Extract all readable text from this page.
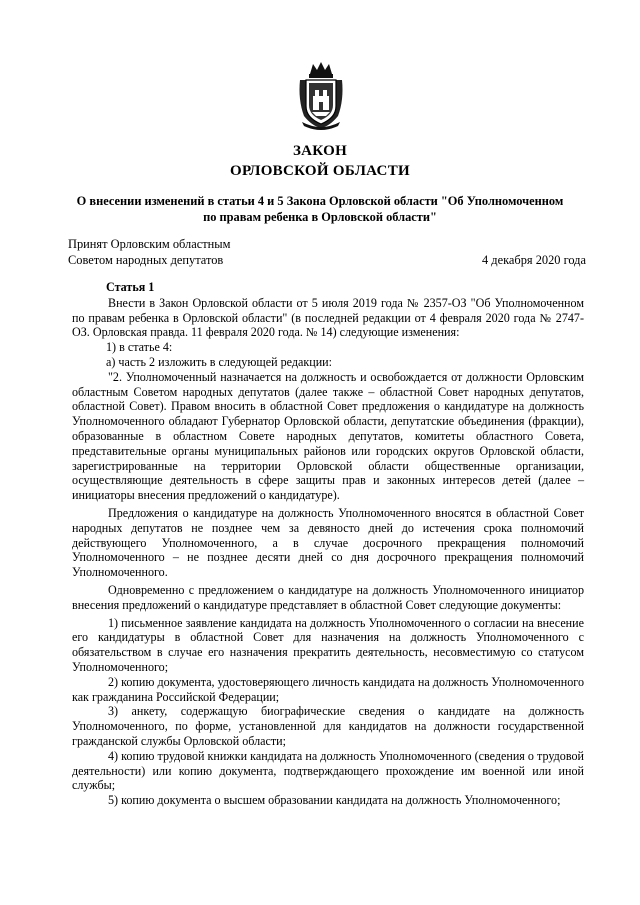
ЗАКОН
ОРЛОВСКОЙ ОБЛАСТИ
О внесении изменений в статьи 4 и 5 Закона Орловской области "Об Уполномоченном
по правам ребенка в Орловской области"
Принят Орловским областным
Советом народных депутатов	4 декабря 2020 года

Статья 1

Внести в Закон Орловской области от 5 июля 2019 года № 2357-ОЗ "Об Уполномоченном по правам ребенка в Орловской области" (в последней редакции от 4 февраля 2020 года № 2747-ОЗ. Орловская правда. 11 февраля 2020 года. № 14) следующие изменения:

1) в статье 4:

а) часть 2 изложить в следующей редакции:

"2. Уполномоченный назначается на должность и освобождается от должности Орловским областным Советом народных депутатов (далее также – областной Совет народных депутатов, областной Совет). Правом вносить в областной Совет предложения о кандидатуре на должность Уполномоченного обладают Губернатор Орловской области, депутатские объединения (фракции), образованные в областном Совете народных депутатов, комитеты областного Совета, представительные органы муниципальных районов или городских округов Орловской области, зарегистрированные на территории Орловской области общественные организации, осуществляющие деятельность в сфере защиты прав и законных интересов детей (далее – инициаторы внесения предложений о кандидатуре).

Предложения о кандидатуре на должность Уполномоченного вносятся в областной Совет народных депутатов не позднее чем за девяносто дней до истечения срока полномочий действующего Уполномоченного, а в случае досрочного прекращения полномочий Уполномоченного – не позднее десяти дней со дня досрочного прекращения полномочий Уполномоченного.

Одновременно с предложением о кандидатуре на должность Уполномоченного инициатор внесения предложений о кандидатуре представляет в областной Совет следующие документы:

1) письменное заявление кандидата на должность Уполномоченного о согласии на внесение его кандидатуры в областной Совет для назначения на должность Уполномоченного с обязательством в случае его назначения прекратить деятельность, несовместимую со статусом Уполномоченного;

2) копию документа, удостоверяющего личность кандидата на должность Уполномоченного как гражданина Российской Федерации;

3) анкету, содержащую биографические сведения о кандидате на должность Уполномоченного, по форме, установленной для кандидатов на должности государственной гражданской службы Орловской области;

4) копию трудовой книжки кандидата на должность Уполномоченного (сведения о трудовой деятельности) или копию документа, подтверждающего прохождение им военной или иной службы;

5) копию документа о высшем образовании кандидата на должность Уполномоченного;
